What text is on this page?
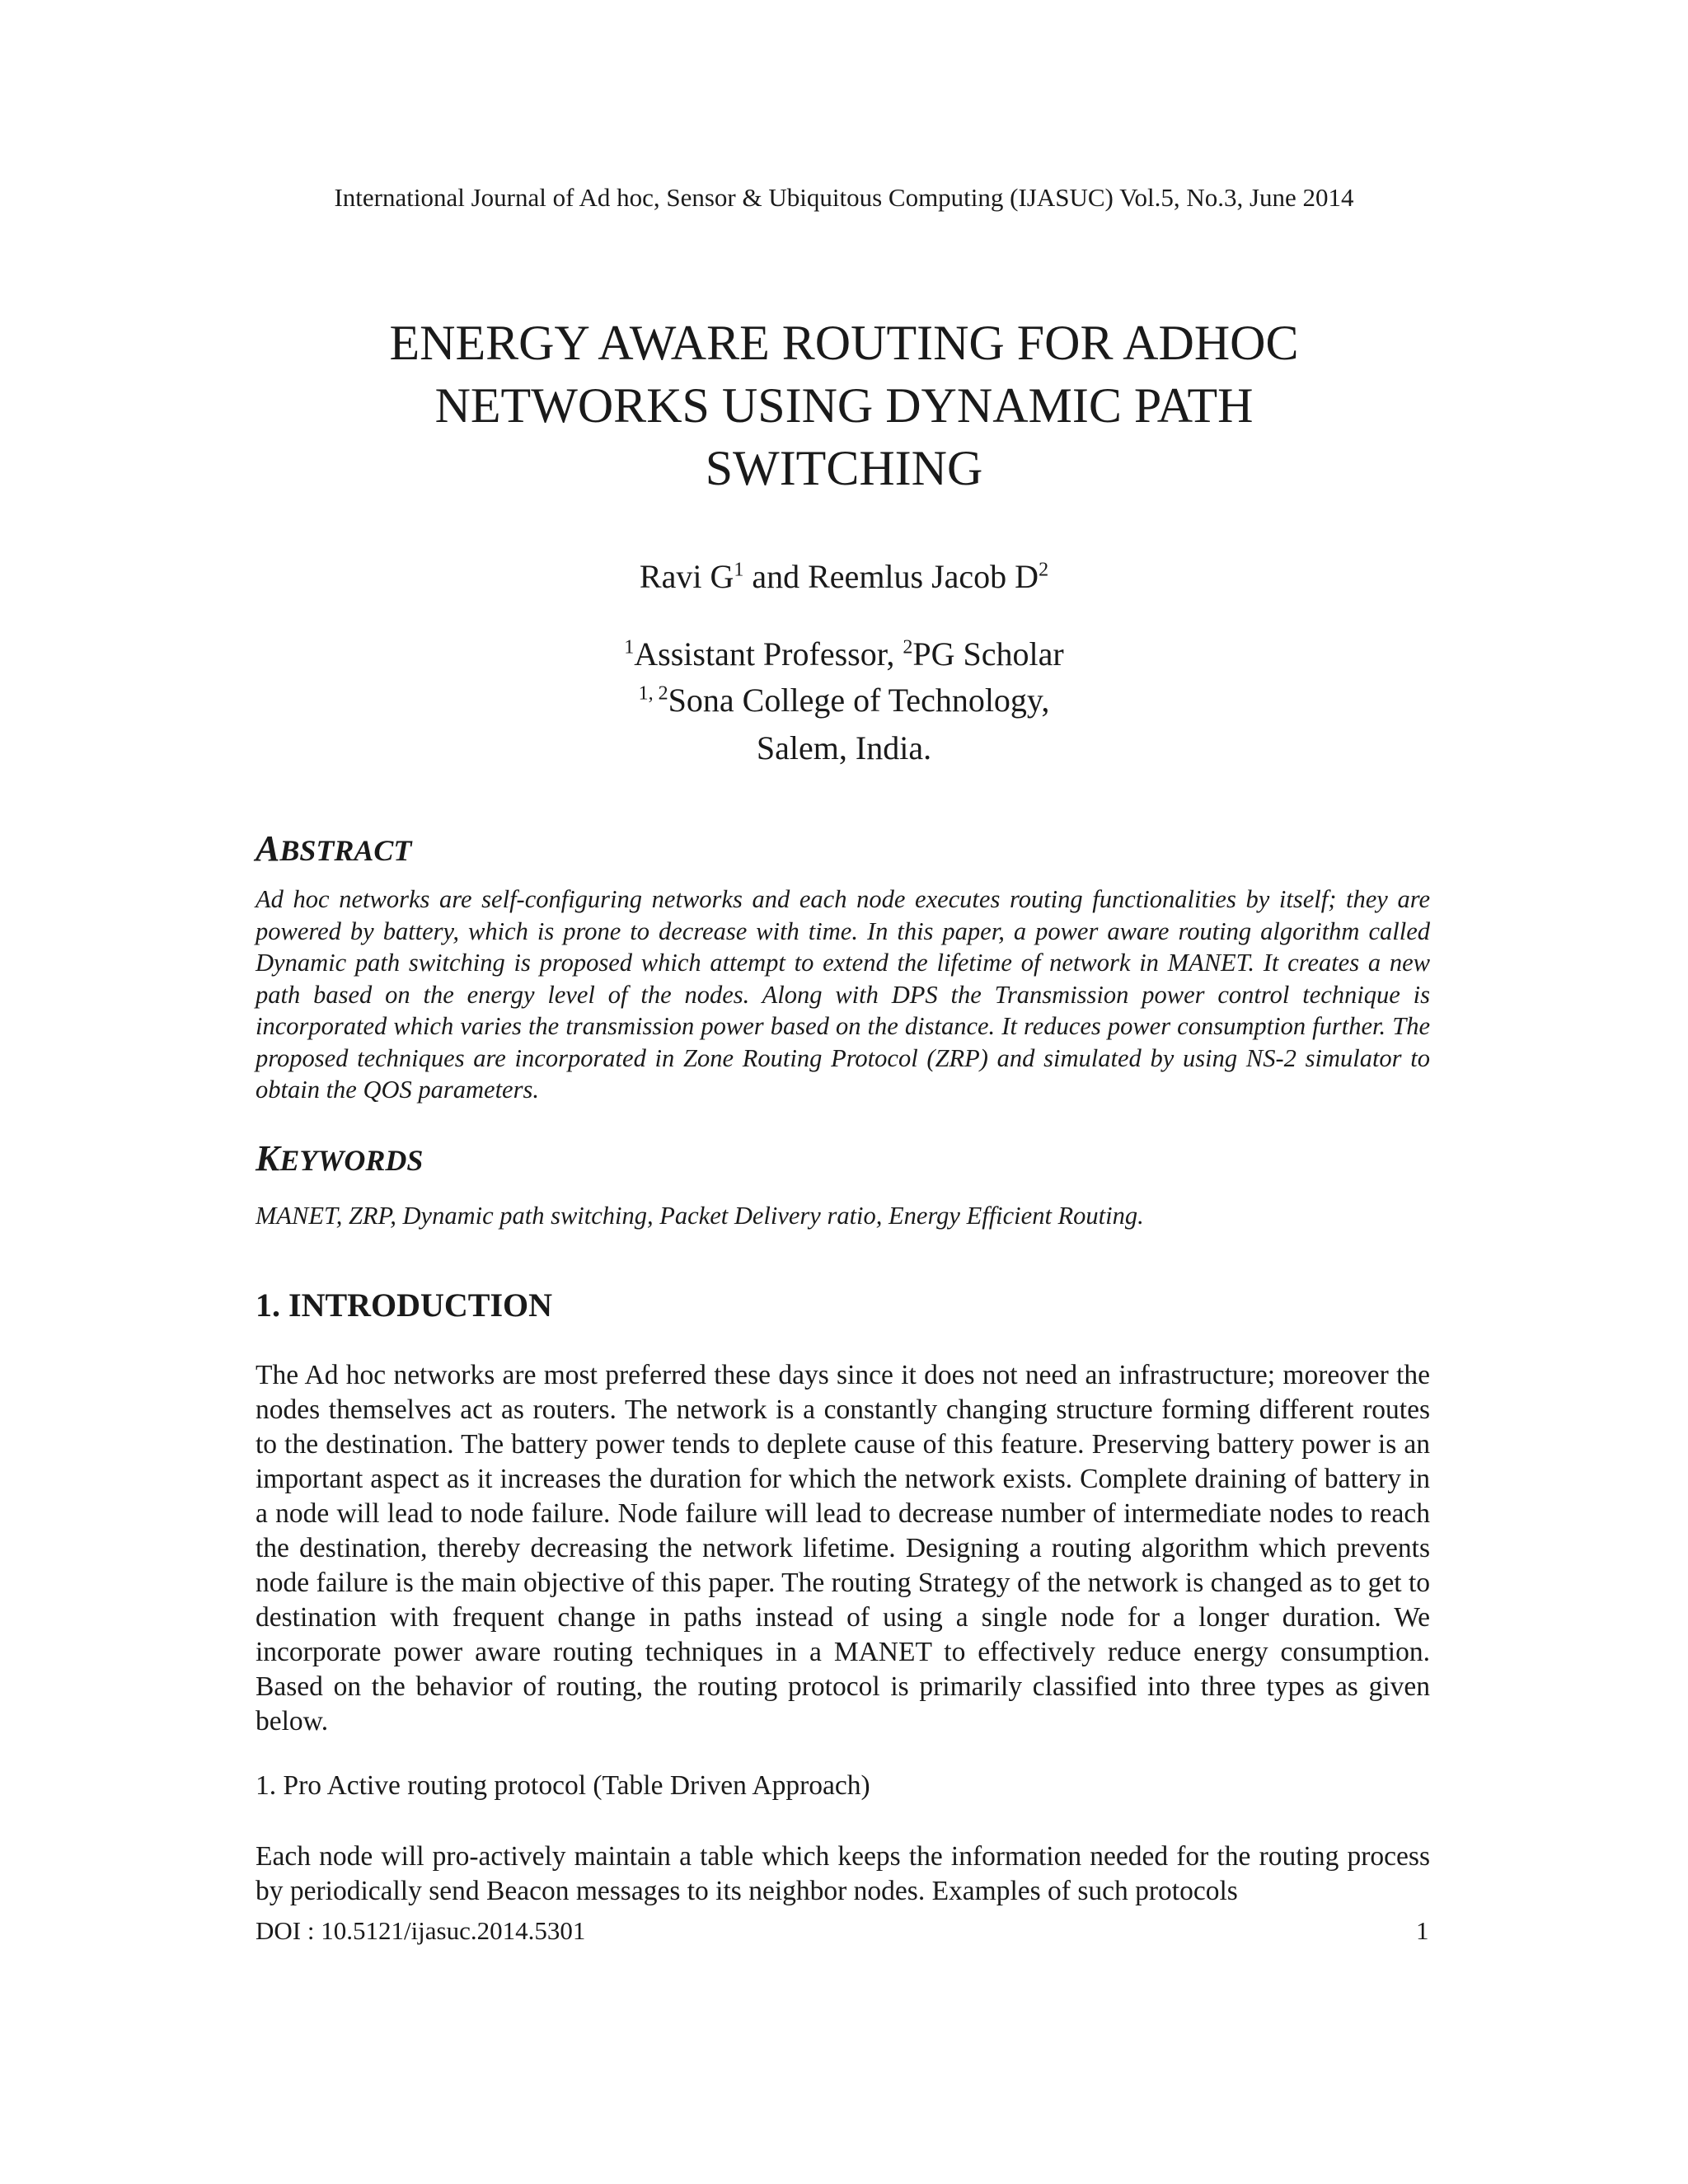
International Journal of Ad hoc, Sensor & Ubiquitous Computing (IJASUC) Vol.5, No.3, June 2014
ENERGY AWARE ROUTING FOR ADHOC
NETWORKS USING DYNAMIC PATH
SWITCHING
Ravi $G^1$ and Reemlus Jacob $D^2$
$^1$Assistant Professor, $^2$PG Scholar
$^{1, 2}$Sona College of Technology,
Salem, India.
ABSTRACT

Ad hoc networks are self-configuring networks and each node executes routing functionalities by itself; they are powered by battery, which is prone to decrease with time. In this paper, a power aware routing algorithm called Dynamic path switching is proposed which attempt to extend the lifetime of network in MANET. It creates a new path based on the energy level of the nodes. Along with DPS the Transmission power control technique is incorporated which varies the transmission power based on the distance. It reduces power consumption further. The proposed techniques are incorporated in Zone Routing Protocol (ZRP) and simulated by using NS-2 simulator to obtain the QOS parameters.

KEYWORDS

MANET, ZRP, Dynamic path switching, Packet Delivery ratio, Energy Efficient Routing.

1. INTRODUCTION

The Ad hoc networks are most preferred these days since it does not need an infrastructure; moreover the nodes themselves act as routers. The network is a constantly changing structure forming different routes to the destination. The battery power tends to deplete cause of this feature. Preserving battery power is an important aspect as it increases the duration for which the network exists. Complete draining of battery in a node will lead to node failure. Node failure will lead to decrease number of intermediate nodes to reach the destination, thereby decreasing the network lifetime. Designing a routing algorithm which prevents node failure is the main objective of this paper. The routing Strategy of the network is changed as to get to destination with frequent change in paths instead of using a single node for a longer duration. We incorporate power aware routing techniques in a MANET to effectively reduce energy consumption. Based on the behavior of routing, the routing protocol is primarily classified into three types as given below.

1. Pro Active routing protocol (Table Driven Approach)

Each node will pro-actively maintain a table which keeps the information needed for the routing process by periodically send Beacon messages to its neighbor nodes. Examples of such protocols

DOI : 10.5121/ijasuc.2014.5301	1
